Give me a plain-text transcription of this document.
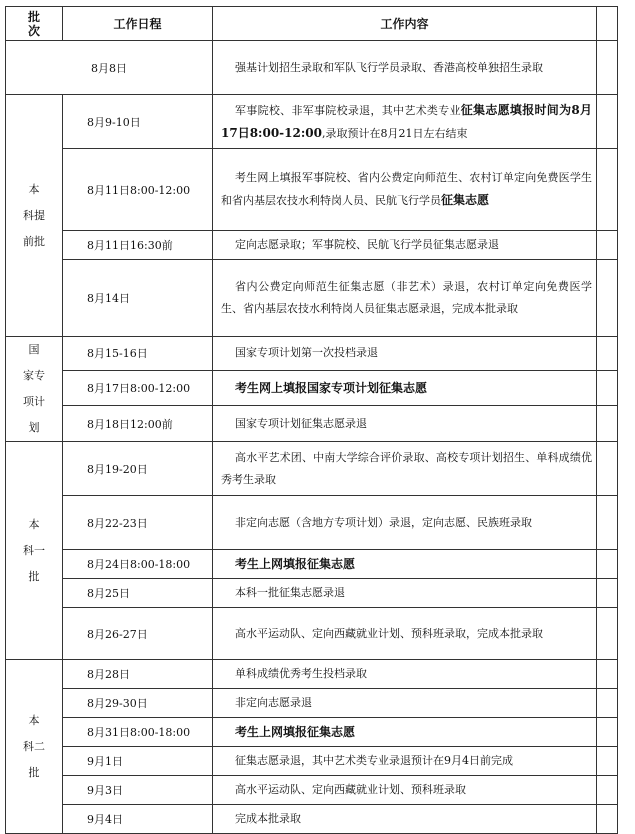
批
次	工作日程	工作内容	
8月8日		强基计划招生录取和军队飞行学员录取、香港高校单独招生录取	

本
科提
前批	8月9-10日	军事院校、非军事院校录退，其中艺术类专业征集志愿填报时间为8月17日8:00-12:00,录取预计在8月21日左右结束	
	8月11日8:00-12:00	考生网上填报军事院校、省内公费定向师范生、农村订单定向免费医学生和省内基层农技水利特岗人员、民航飞行学员征集志愿	
	8月11日16:30前	定向志愿录取；军事院校、民航飞行学员征集志愿录退	
	8月14日	省内公费定向师范生征集志愿（非艺术）录退，农村订单定向免费医学生、省内基层农技水利特岗人员征集志愿录退，完成本批录取	

国
家专
项计
划	8月15-16日	国家专项计划第一次投档录退	
	8月17日8:00-12:00	考生网上填报国家专项计划征集志愿	
	8月18日12:00前	国家专项计划征集志愿录退	

本
科一
批	8月19-20日	高水平艺术团、中南大学综合评价录取、高校专项计划招生、单科成绩优秀考生录取	
	8月22-23日	非定向志愿（含地方专项计划）录退，定向志愿、民族班录取	
	8月24日8:00-18:00	考生上网填报征集志愿	
	8月25日	本科一批征集志愿录退	
	8月26-27日	高水平运动队、定向西藏就业计划、预科班录取，完成本批录取	

本
科二
批	8月28日	单科成绩优秀考生投档录取	
	8月29-30日	非定向志愿录退	
	8月31日8:00-18:00	考生上网填报征集志愿	
	9月1日	征集志愿录退，其中艺术类专业录退预计在9月4日前完成	
	9月3日	高水平运动队、定向西藏就业计划、预科班录取	
	9月4日	完成本批录取	
